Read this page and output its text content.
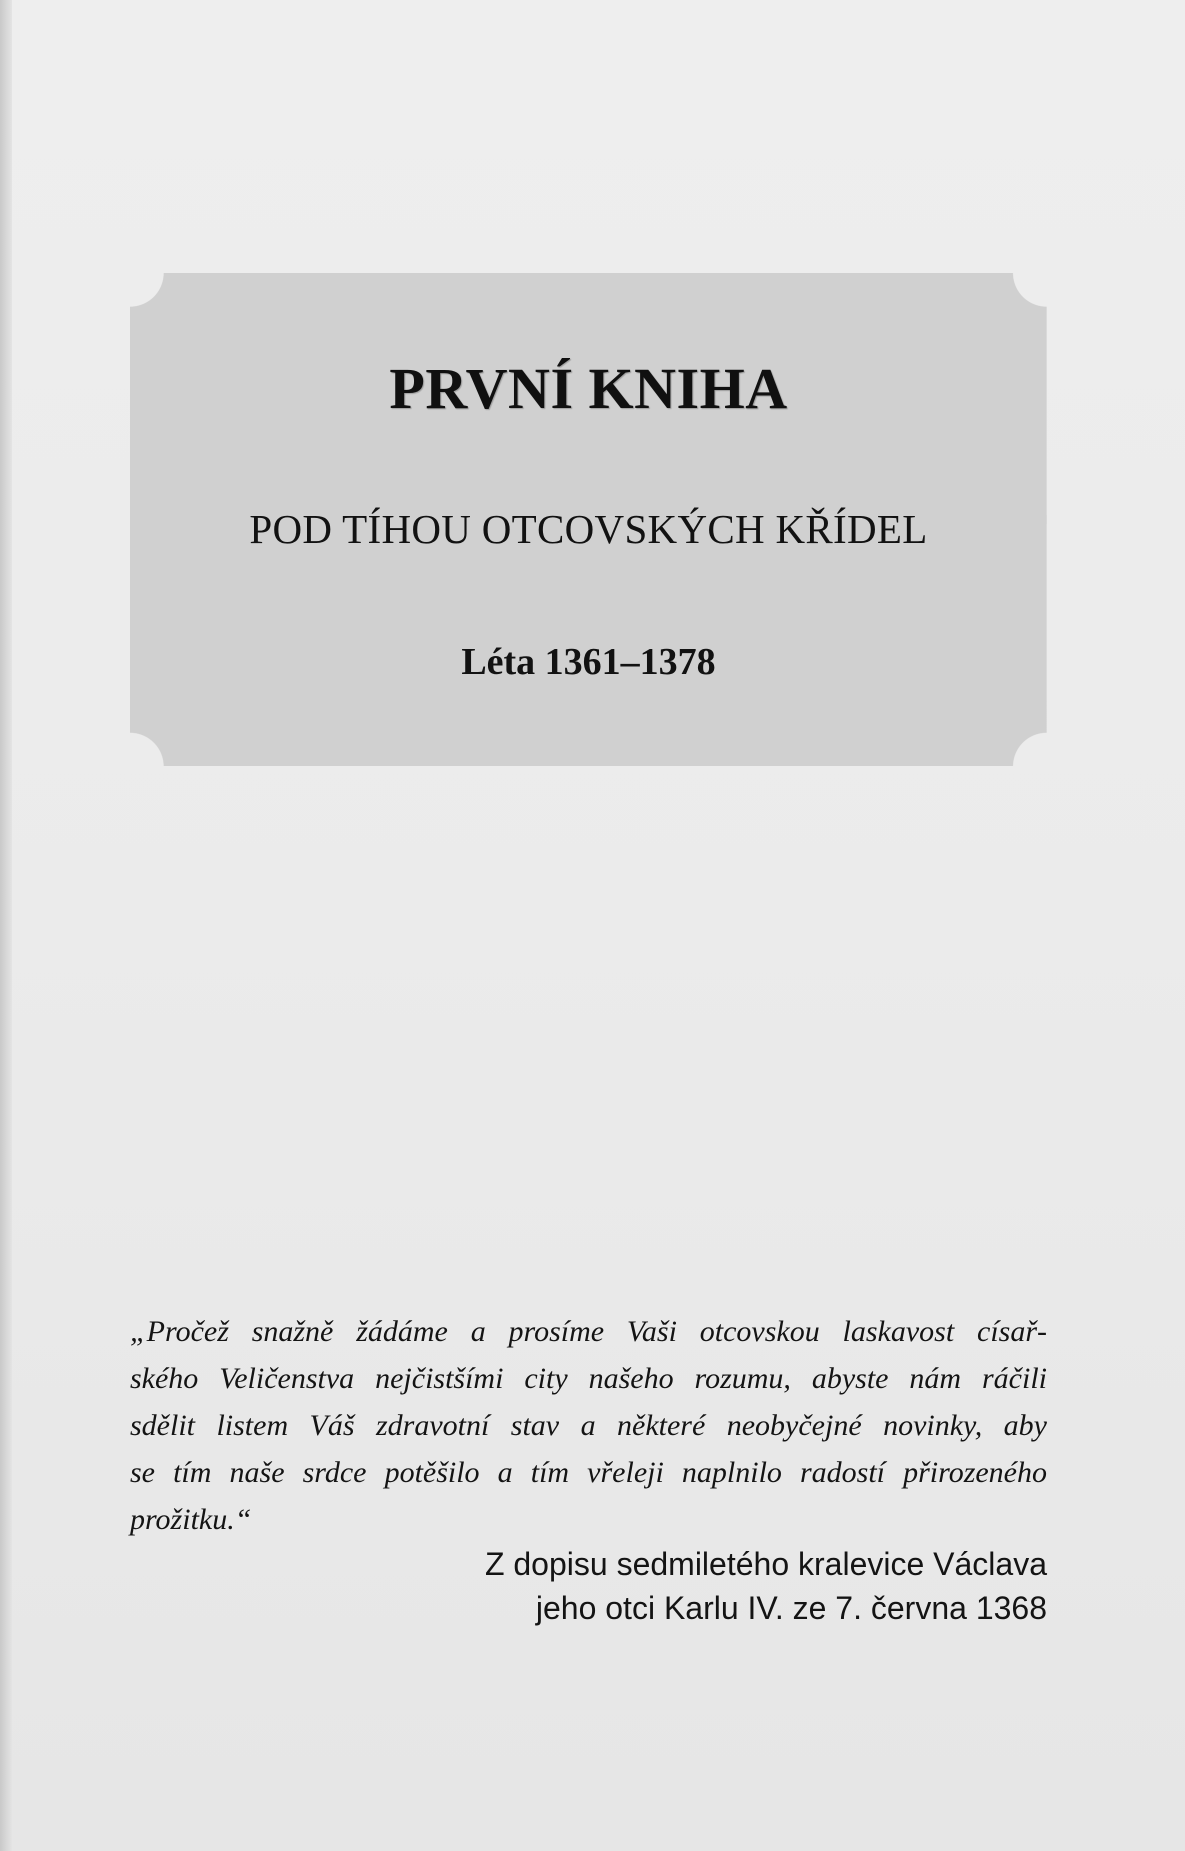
PRVNÍ KNIHA
POD TÍHOU OTCOVSKÝCH KŘÍDEL
Léta 1361–1378

„Pročež snažně žádáme a prosíme Vaši otcovskou laskavost císař-
ského Veličenstva nejčistšími city našeho rozumu, abyste nám ráčili
sdělit listem Váš zdravotní stav a některé neobyčejné novinky, aby
se tím naše srdce potěšilo a tím vřeleji naplnilo radostí přirozeného
prožitku.“

Z dopisu sedmiletého kralevice Václava
jeho otci Karlu IV. ze 7. června 1368
